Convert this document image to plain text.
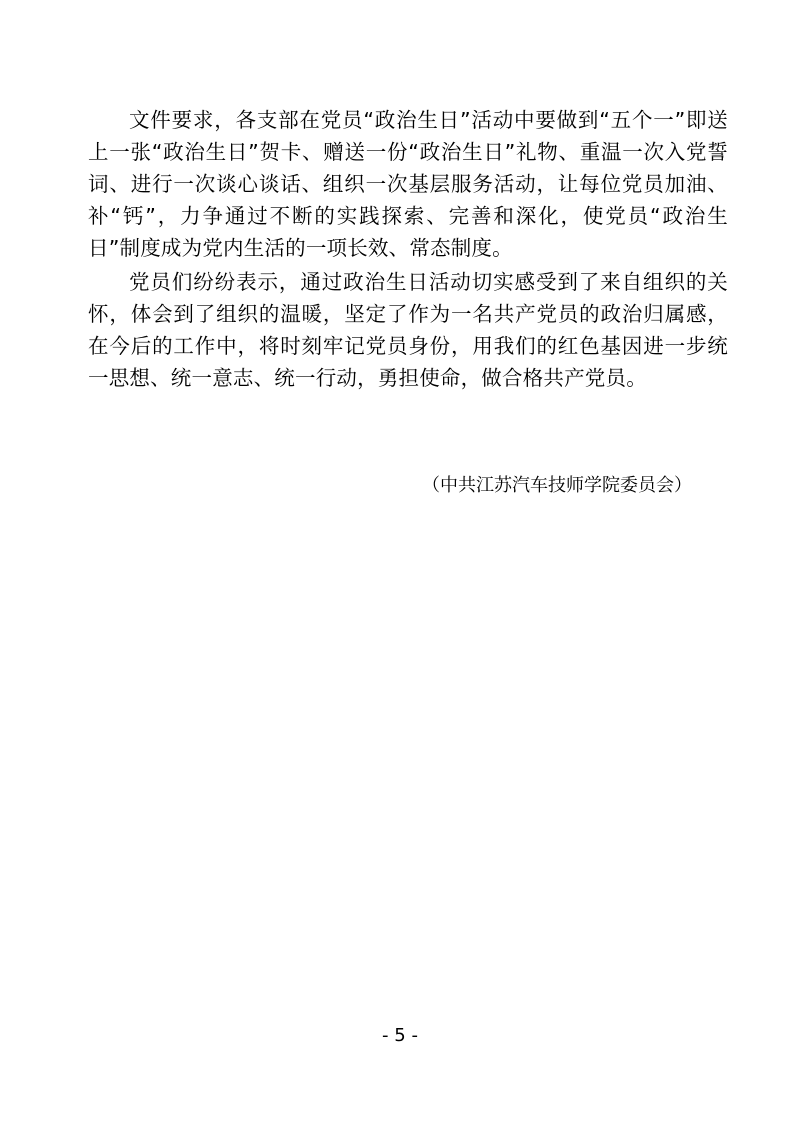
文件要求，各支部在党员“政治生日”活动中要做到“五个一”即送上一张“政治生日”贺卡、赠送一份“政治生日”礼物、重温一次入党誓词、进行一次谈心谈话、组织一次基层服务活动，让每位党员加油、补“钙”，力争通过不断的实践探索、完善和深化，使党员“政治生日”制度成为党内生活的一项长效、常态制度。

党员们纷纷表示，通过政治生日活动切实感受到了来自组织的关怀，体会到了组织的温暖，坚定了作为一名共产党员的政治归属感，在今后的工作中，将时刻牢记党员身份，用我们的红色基因进一步统一思想、统一意志、统一行动，勇担使命，做合格共产党员。

（中共江苏汽车技师学院委员会）
- 5 -
